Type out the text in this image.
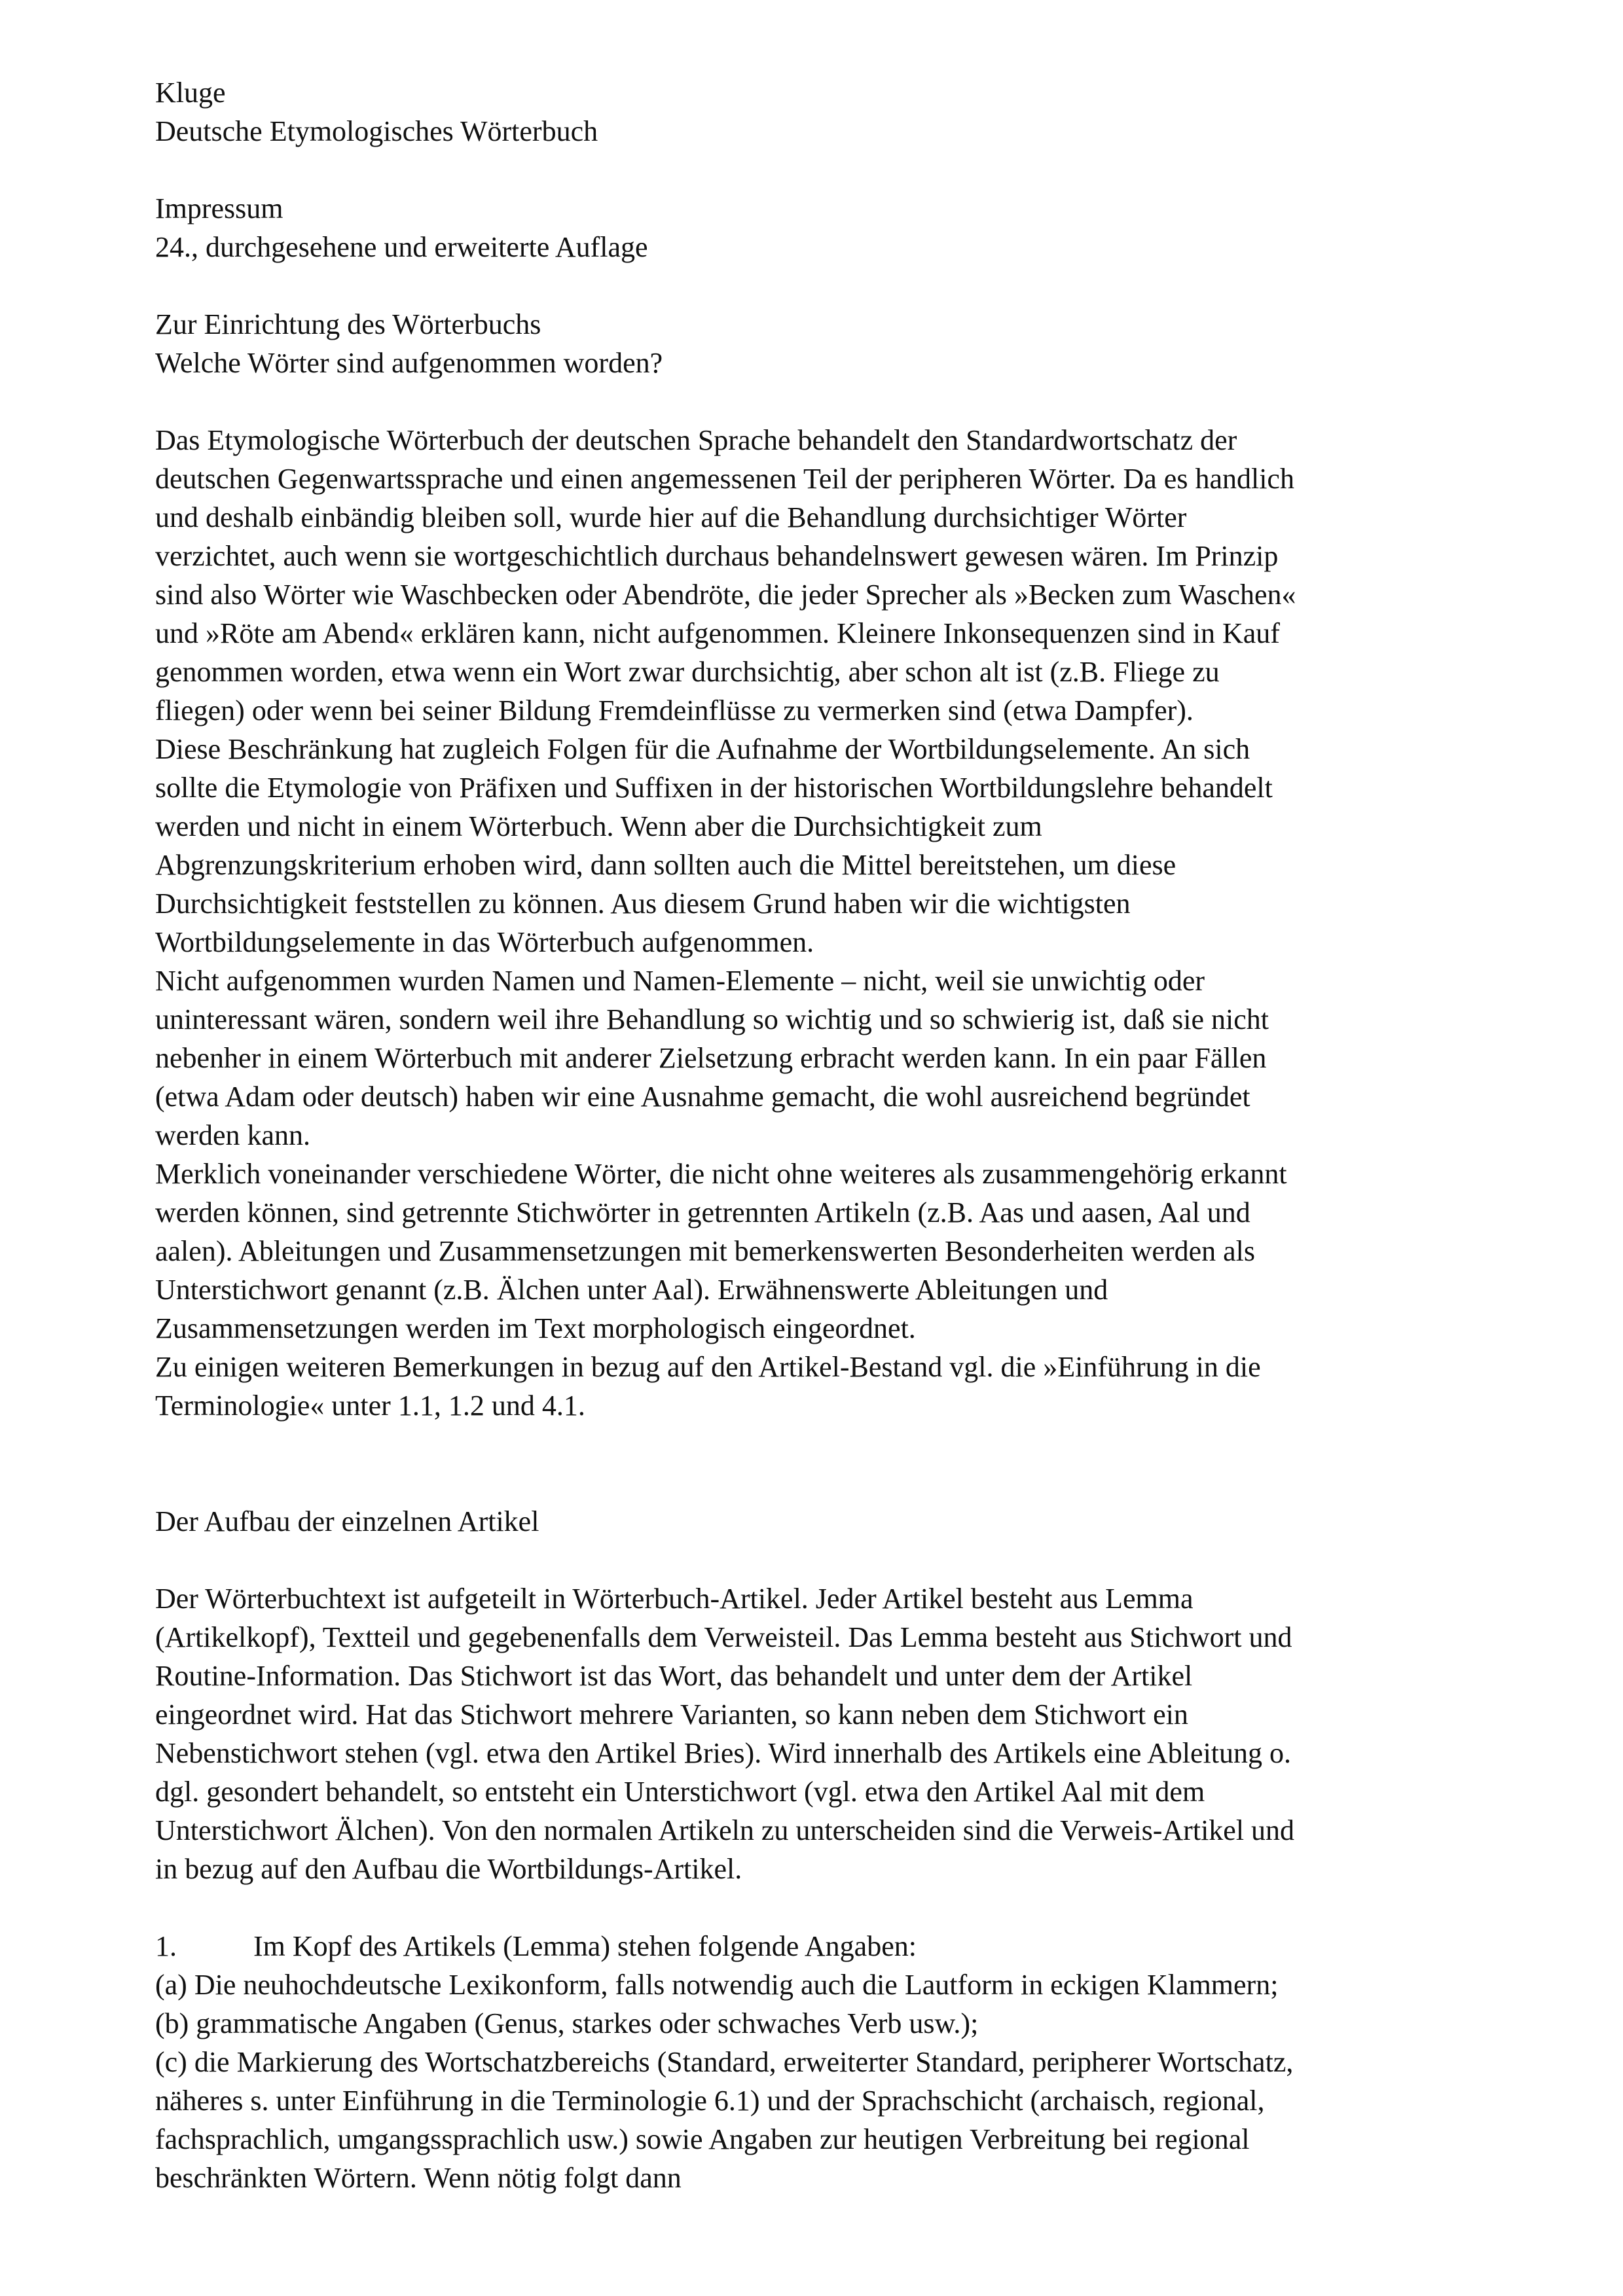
Kluge
Deutsche Etymologisches Wörterbuch
Impressum
24., durchgesehene und erweiterte Auflage
Zur Einrichtung des Wörterbuchs
Welche Wörter sind aufgenommen worden?
Das Etymologische Wörterbuch der deutschen Sprache behandelt den Standardwortschatz der
deutschen Gegenwartssprache und einen angemessenen Teil der peripheren Wörter. Da es handlich
und deshalb einbändig bleiben soll, wurde hier auf die Behandlung durchsichtiger Wörter
verzichtet, auch wenn sie wortgeschichtlich durchaus behandelnswert gewesen wären. Im Prinzip
sind also Wörter wie Waschbecken oder Abendröte, die jeder Sprecher als »Becken zum Waschen«
und »Röte am Abend« erklären kann, nicht aufgenommen. Kleinere Inkonsequenzen sind in Kauf
genommen worden, etwa wenn ein Wort zwar durchsichtig, aber schon alt ist (z.B. Fliege zu
fliegen) oder wenn bei seiner Bildung Fremdeinflüsse zu vermerken sind (etwa Dampfer).
Diese Beschränkung hat zugleich Folgen für die Aufnahme der Wortbildungselemente. An sich
sollte die Etymologie von Präfixen und Suffixen in der historischen Wortbildungslehre behandelt
werden und nicht in einem Wörterbuch. Wenn aber die Durchsichtigkeit zum
Abgrenzungskriterium erhoben wird, dann sollten auch die Mittel bereitstehen, um diese
Durchsichtigkeit feststellen zu können. Aus diesem Grund haben wir die wichtigsten
Wortbildungselemente in das Wörterbuch aufgenommen.
Nicht aufgenommen wurden Namen und Namen-Elemente – nicht, weil sie unwichtig oder
uninteressant wären, sondern weil ihre Behandlung so wichtig und so schwierig ist, daß sie nicht
nebenher in einem Wörterbuch mit anderer Zielsetzung erbracht werden kann. In ein paar Fällen
(etwa Adam oder deutsch) haben wir eine Ausnahme gemacht, die wohl ausreichend begründet
werden kann.
Merklich voneinander verschiedene Wörter, die nicht ohne weiteres als zusammengehörig erkannt
werden können, sind getrennte Stichwörter in getrennten Artikeln (z.B. Aas und aasen, Aal und
aalen). Ableitungen und Zusammensetzungen mit bemerkenswerten Besonderheiten werden als
Unterstichwort genannt (z.B. Älchen unter Aal). Erwähnenswerte Ableitungen und
Zusammensetzungen werden im Text morphologisch eingeordnet.
Zu einigen weiteren Bemerkungen in bezug auf den Artikel-Bestand vgl. die »Einführung in die
Terminologie« unter 1.1, 1.2 und 4.1.
Der Aufbau der einzelnen Artikel
Der Wörterbuchtext ist aufgeteilt in Wörterbuch-Artikel. Jeder Artikel besteht aus Lemma
(Artikelkopf), Textteil und gegebenenfalls dem Verweisteil. Das Lemma besteht aus Stichwort und
Routine-Information. Das Stichwort ist das Wort, das behandelt und unter dem der Artikel
eingeordnet wird. Hat das Stichwort mehrere Varianten, so kann neben dem Stichwort ein
Nebenstichwort stehen (vgl. etwa den Artikel Bries). Wird innerhalb des Artikels eine Ableitung o.
dgl. gesondert behandelt, so entsteht ein Unterstichwort (vgl. etwa den Artikel Aal mit dem
Unterstichwort Älchen). Von den normalen Artikeln zu unterscheiden sind die Verweis-Artikel und
in bezug auf den Aufbau die Wortbildungs-Artikel.
1.	Im Kopf des Artikels (Lemma) stehen folgende Angaben:
(a) Die neuhochdeutsche Lexikonform, falls notwendig auch die Lautform in eckigen Klammern;
(b) grammatische Angaben (Genus, starkes oder schwaches Verb usw.);
(c) die Markierung des Wortschatzbereichs (Standard, erweiterter Standard, peripherer Wortschatz,
näheres s. unter Einführung in die Terminologie 6.1) und der Sprachschicht (archaisch, regional,
fachsprachlich, umgangssprachlich usw.) sowie Angaben zur heutigen Verbreitung bei regional
beschränkten Wörtern. Wenn nötig folgt dann
